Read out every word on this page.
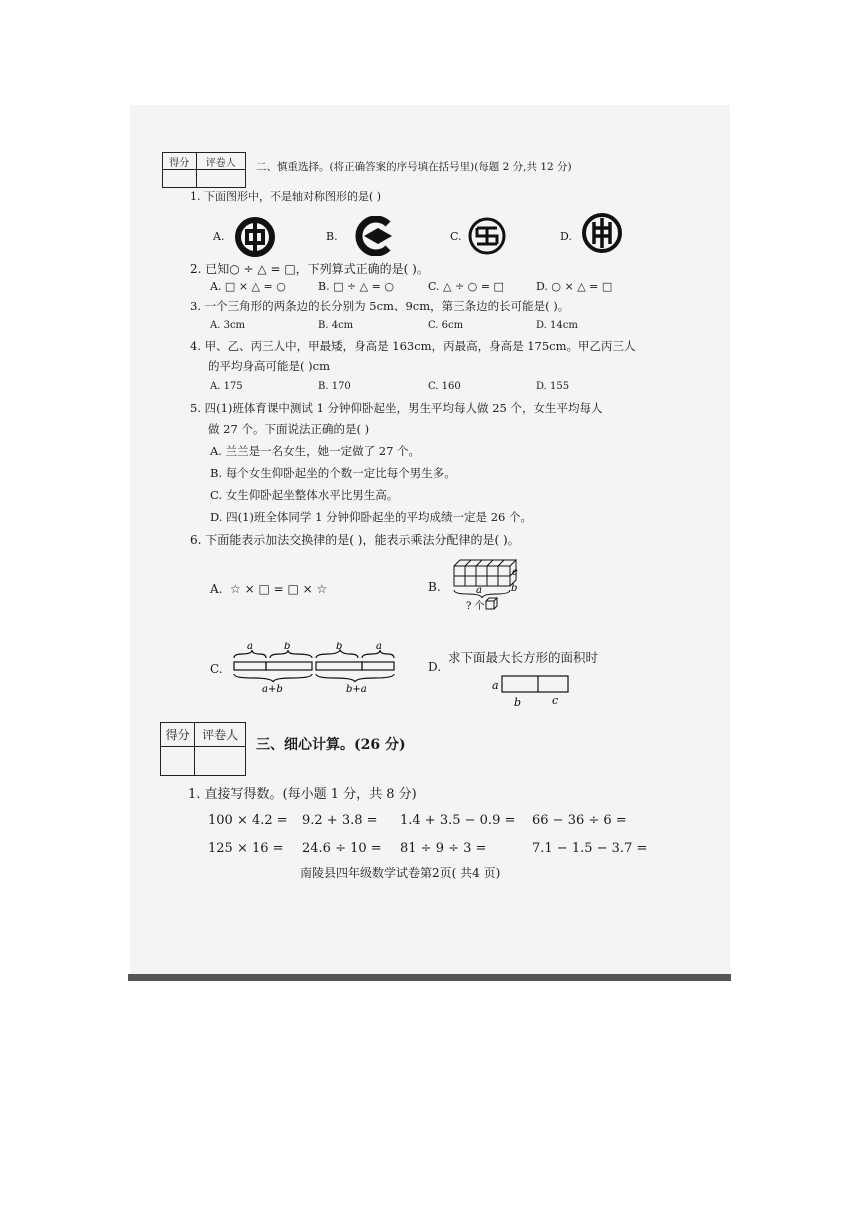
得分	评卷人
	二、慎重选择。(将正确答案的序号填在括号里)(每题 2 分,共 12 分)
1. 下面图形中，不是轴对称图形的是( )
A.	B.	C.	D.
2. 已知○ ÷ △ = □，下列算式正确的是( )。
A. □ × △ = ○	B. □ ÷ △ = ○	C. △ ÷ ○ = □	D. ○ × △ = □
3. 一个三角形的两条边的长分别为 5cm、9cm，第三条边的长可能是( )。
A. 3cm	B. 4cm	C. 6cm	D. 14cm
4. 甲、乙、丙三人中，甲最矮，身高是 163cm，丙最高，身高是 175cm。甲乙丙三人
的平均身高可能是( )cm
A. 175	B. 170	C. 160	D. 155
5. 四(1)班体育课中测试 1 分钟仰卧起坐，男生平均每人做 25 个，女生平均每人
做 27 个。下面说法正确的是( )
A. 兰兰是一名女生，她一定做了 27 个。
B. 每个女生仰卧起坐的个数一定比每个男生多。
C. 女生仰卧起坐整体水平比男生高。
D. 四(1)班全体同学 1 分钟仰卧起坐的平均成绩一定是 26 个。
6. 下面能表示加法交换律的是( )，能表示乘法分配律的是( )。
A. ☆ × □ = □ × ☆	B.
c
a	b
? 个
C.
a	b	b	a
a+b	b+a
D.
求下面最大长方形的面积时
a
b	c
得分	评卷人

三、细心计算。(26 分)
1. 直接写得数。(每小题 1 分，共 8 分)
100 × 4.2 = 9.2 + 3.8 = 1.4 + 3.5 − 0.9 = 66 − 36 ÷ 6 =
125 × 16 = 24.6 ÷ 10 = 81 ÷ 9 ÷ 3 =	7.1 − 1.5 − 3.7 =
南陵县四年级数学试卷第2页( 共4 页)
